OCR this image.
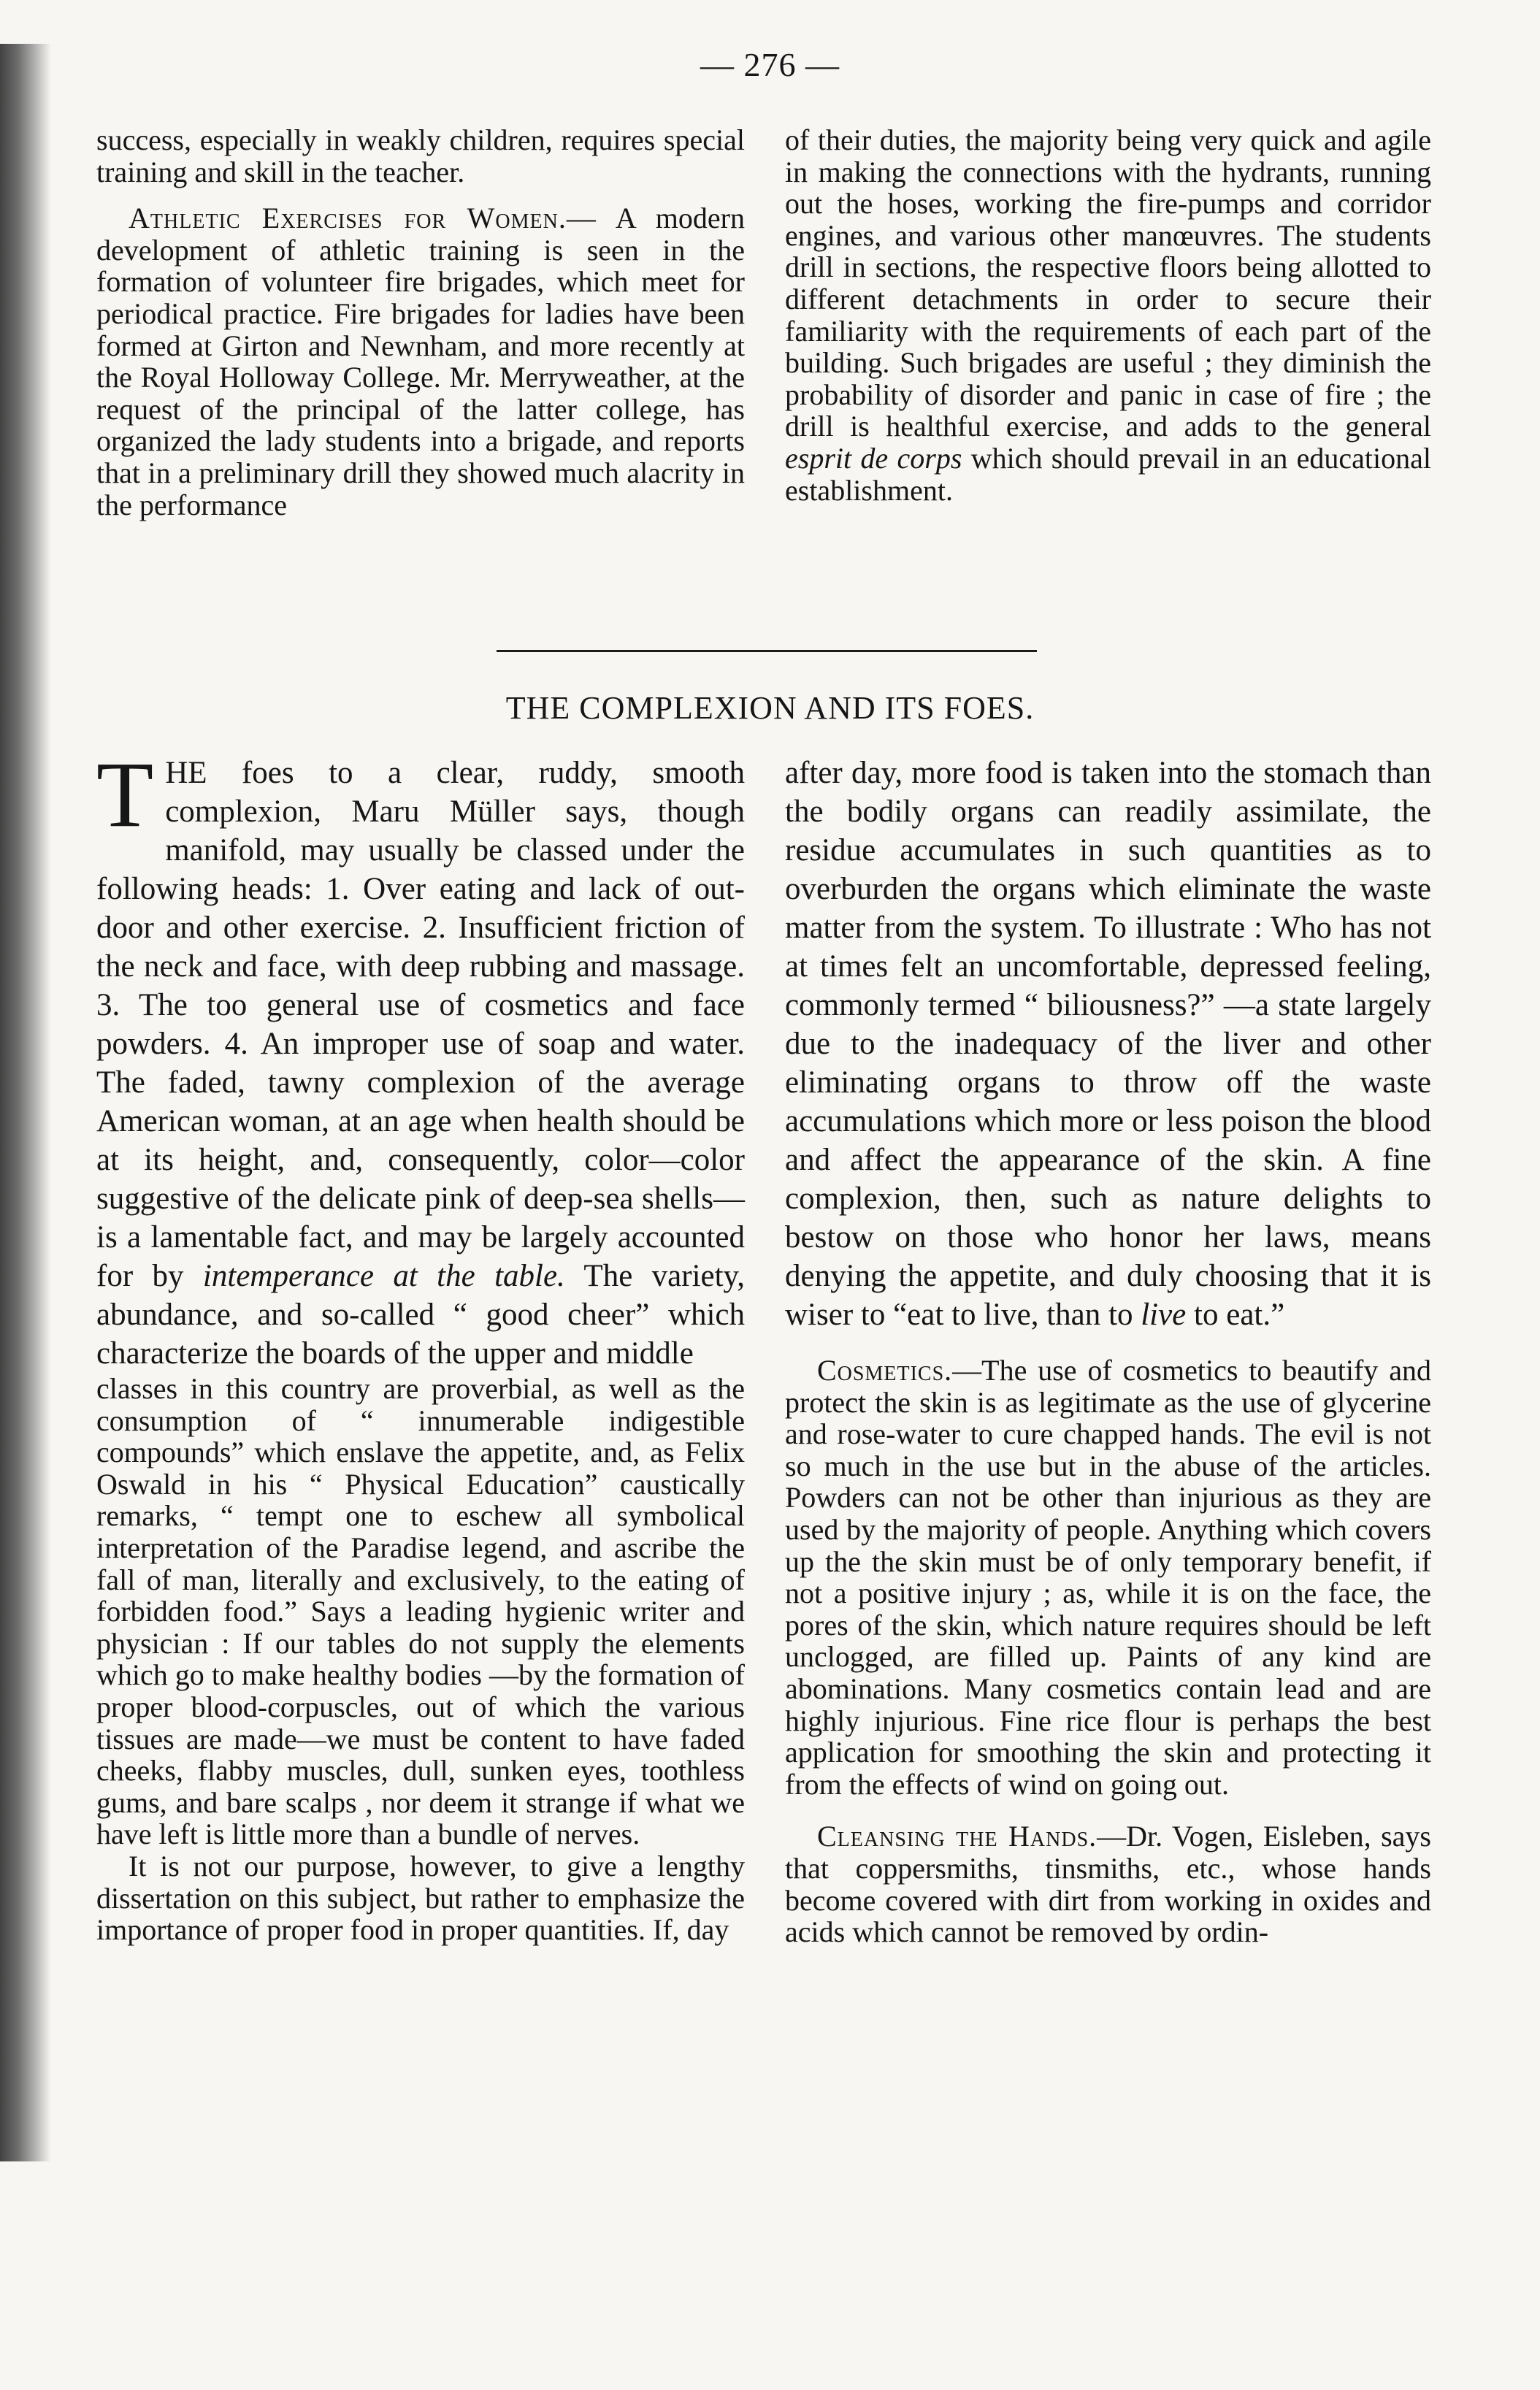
— 276 —

success, especially in weakly children, requires special training and skill in the teacher.

Athletic Exercises for Women.— A modern development of athletic training is seen in the formation of volunteer fire brigades, which meet for periodical practice. Fire brigades for ladies have been formed at Girton and Newnham, and more recently at the Royal Holloway College. Mr. Merryweather, at the request of the principal of the latter college, has organized the lady students into a brigade, and reports that in a preliminary drill they showed much alacrity in the performance

of their duties, the majority being very quick and agile in making the connections with the hydrants, running out the hoses, working the fire-pumps and corridor engines, and various other manœuvres. The students drill in sections, the respective floors being allotted to different detachments in order to secure their familiarity with the requirements of each part of the building. Such brigades are useful ; they diminish the probability of disorder and panic in case of fire ; the drill is healthful exercise, and adds to the general esprit de corps which should prevail in an educational establishment.

THE COMPLEXION AND ITS FOES.

THE foes to a clear, ruddy, smooth complexion, Maru Müller says, though manifold, may usually be classed under the following heads: 1. Over eating and lack of out-door and other exercise. 2. Insufficient friction of the neck and face, with deep rubbing and massage. 3. The too general use of cosmetics and face powders. 4. An improper use of soap and water. The faded, tawny complexion of the average American woman, at an age when health should be at its height, and, consequently, color—color suggestive of the delicate pink of deep-sea shells—is a lamentable fact, and may be largely accounted for by intemperance at the table. The variety, abundance, and so-called “ good cheer” which characterize the boards of the upper and middle

classes in this country are proverbial, as well as the consumption of “ innumerable indigestible compounds” which enslave the appetite, and, as Felix Oswald in his “ Physical Education” caustically remarks, “ tempt one to eschew all symbolical interpretation of the Paradise legend, and ascribe the fall of man, literally and exclusively, to the eating of forbidden food.” Says a leading hygienic writer and physician : If our tables do not supply the elements which go to make healthy bodies —by the formation of proper blood-corpuscles, out of which the various tissues are made—we must be content to have faded cheeks, flabby muscles, dull, sunken eyes, toothless gums, and bare scalps , nor deem it strange if what we have left is little more than a bundle of nerves.

It is not our purpose, however, to give a lengthy dissertation on this subject, but rather to emphasize the importance of proper food in proper quantities. If, day

after day, more food is taken into the stomach than the bodily organs can readily assimilate, the residue accumulates in such quantities as to overburden the organs which eliminate the waste matter from the system. To illustrate : Who has not at times felt an uncomfortable, depressed feeling, commonly termed “ biliousness?” —a state largely due to the inadequacy of the liver and other eliminating organs to throw off the waste accumulations which more or less poison the blood and affect the appearance of the skin. A fine complexion, then, such as nature delights to bestow on those who honor her laws, means denying the appetite, and duly choosing that it is wiser to “eat to live, than to live to eat.”

Cosmetics.—The use of cosmetics to beautify and protect the skin is as legitimate as the use of glycerine and rose-water to cure chapped hands. The evil is not so much in the use but in the abuse of the articles. Powders can not be other than injurious as they are used by the majority of people. Anything which covers up the the skin must be of only temporary benefit, if not a positive injury ; as, while it is on the face, the pores of the skin, which nature requires should be left unclogged, are filled up. Paints of any kind are abominations. Many cosmetics contain lead and are highly injurious. Fine rice flour is perhaps the best application for smoothing the skin and protecting it from the effects of wind on going out.

Cleansing the Hands.—Dr. Vogen, Eisleben, says that coppersmiths, tinsmiths, etc., whose hands become covered with dirt from working in oxides and acids which cannot be removed by ordin-
